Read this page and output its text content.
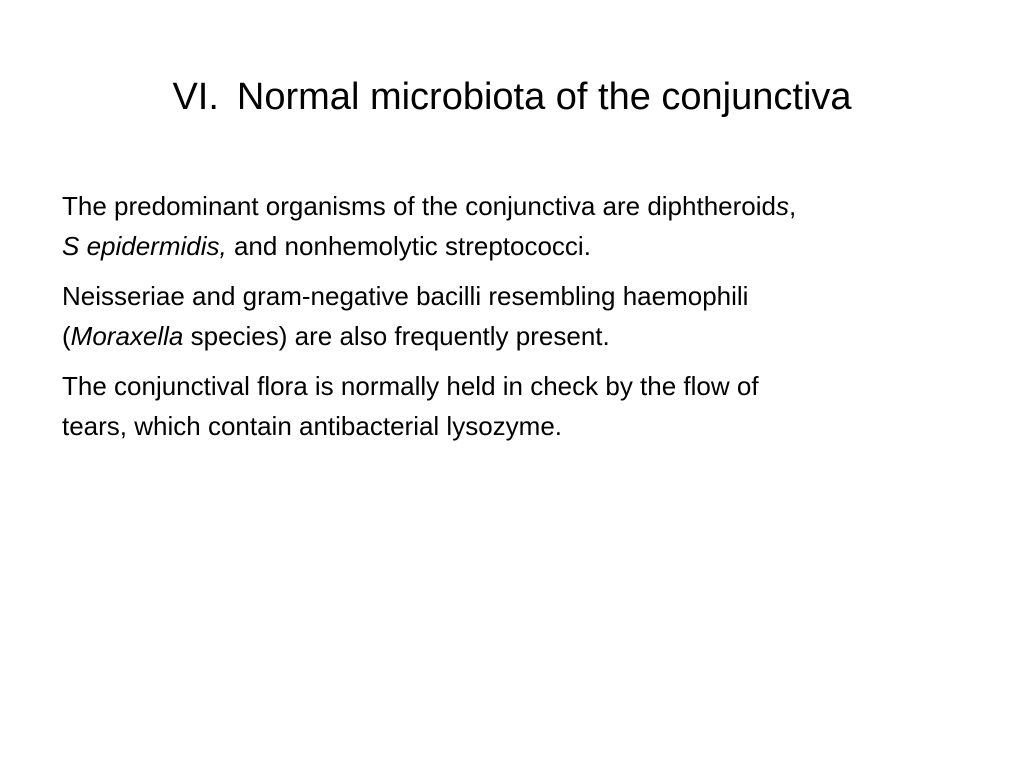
VI. Normal microbiota of the conjunctiva
The predominant organisms of the conjunctiva are diphtheroids,
S epidermidis, and nonhemolytic streptococci.
Neisseriae and gram-negative bacilli resembling haemophili
(Moraxella species) are also frequently present.
The conjunctival flora is normally held in check by the flow of
tears, which contain antibacterial lysozyme.
